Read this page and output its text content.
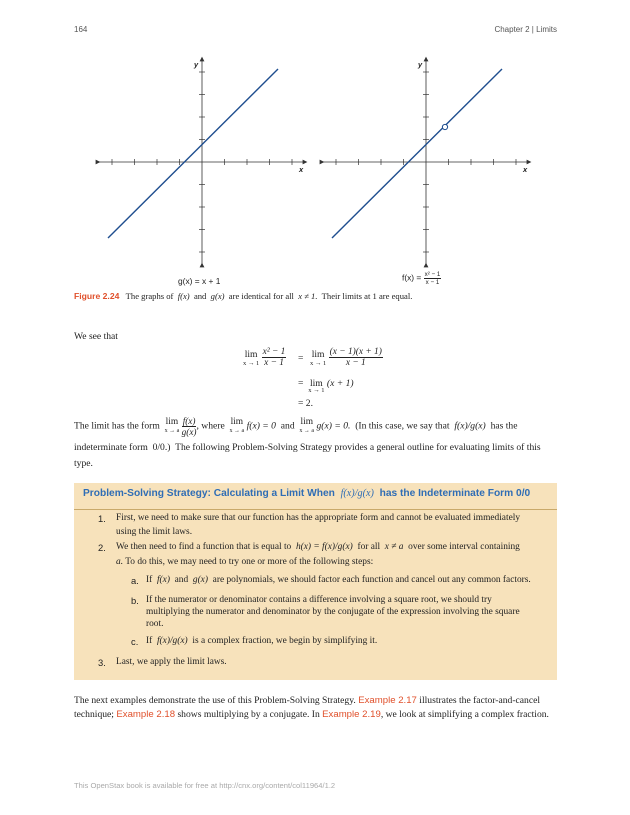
164	Chapter 2 | Limits
y
x
g(x) = x + 1
y
x
$f(x) = \frac{\text{x² − 1}}{x - 1}$
Figure 2.24 The graphs of f(x) and g(x) are identical for all x ≠ 1. Their limits at 1 are equal.
We see that
lim
x → 1
$\frac{\text{x² − 1}}{x - 1} = \lim$
x → 1
$\frac{(x - 1)(x + 1)}{x - 1}$
= lim
x → 1
(x + 1)
= 2.
The limit has the form lim
x → a
$\frac{f(x)}{g(x)}$ , where lim
x → a f(x) = 0 and lim
x → a g(x) = 0. (In this case, we say that f(x)/g(x) has the
indeterminate form 0/0.) The following Problem-Solving Strategy provides a general outline for evaluating limits of this
type.
Problem-Solving Strategy: Calculating a Limit When f(x)/g(x) has the Indeterminate Form 0/0
1. First, we need to make sure that our function has the appropriate form and cannot be evaluated immediately
using the limit laws.
2. We then need to find a function that is equal to h(x) = f(x)/g(x) for all x ≠ a over some interval containing
a. To do this, we may need to try one or more of the following steps:
a. If f(x) and g(x) are polynomials, we should factor each function and cancel out any common factors.
b. If the numerator or denominator contains a difference involving a square root, we should try
multiplying the numerator and denominator by the conjugate of the expression involving the square
root.
c. If f(x)/g(x) is a complex fraction, we begin by simplifying it.
3. Last, we apply the limit laws.
The next examples demonstrate the use of this Problem-Solving Strategy. Example 2.17 illustrates the factor-and-cancel
technique; Example 2.18 shows multiplying by a conjugate. In Example 2.19, we look at simplifying a complex fraction.
This OpenStax book is available for free at http://cnx.org/content/col11964/1.2
